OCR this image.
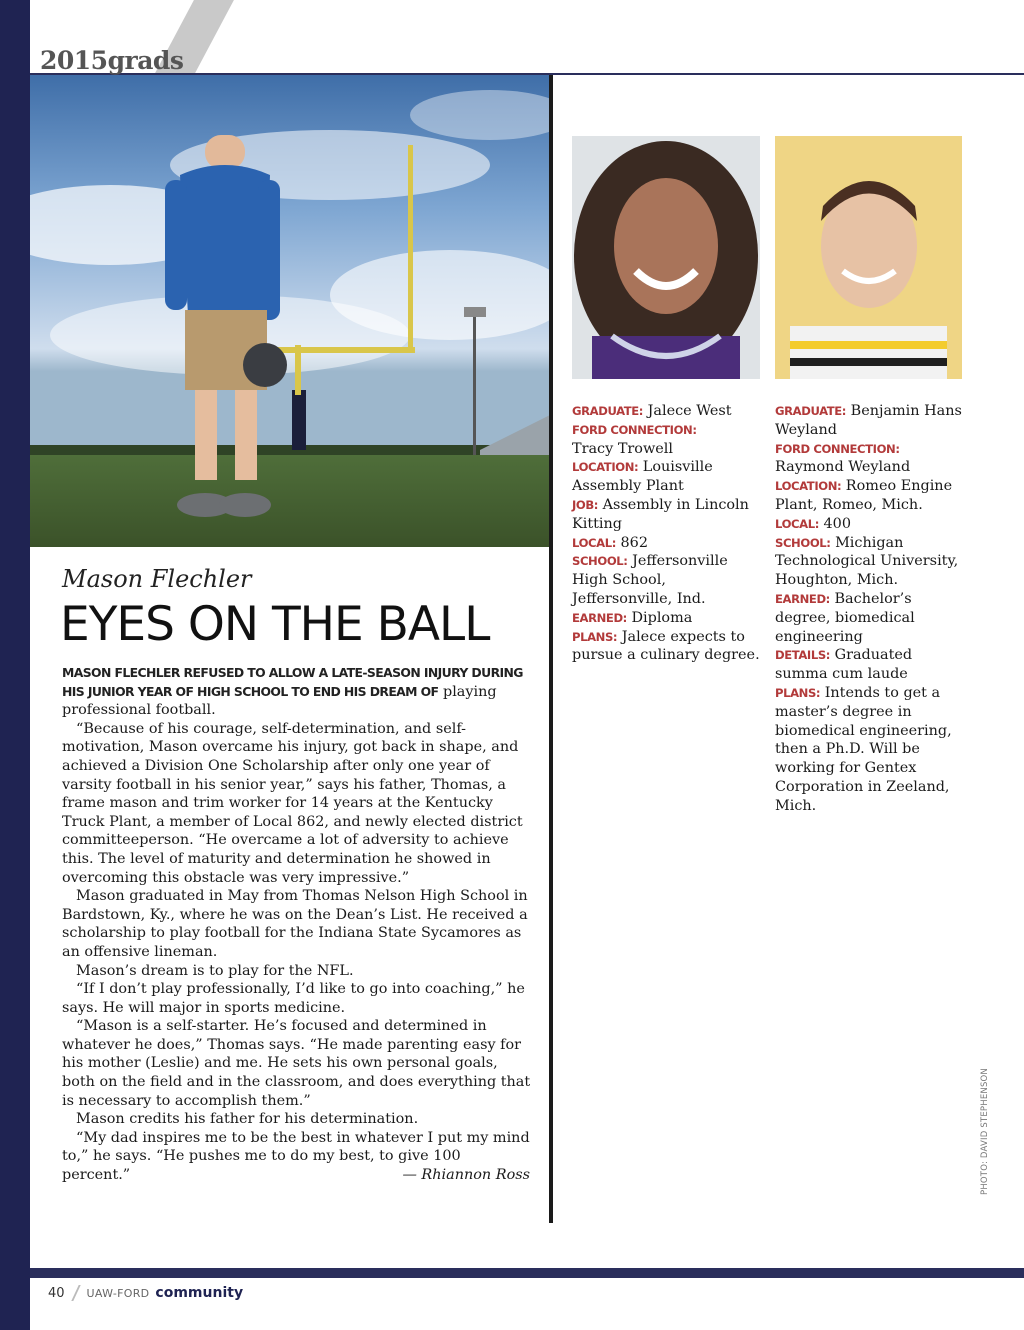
2015grads
Mason Flechler
EYES ON THE BALL

MASON FLECHLER REFUSED TO ALLOW A LATE-SEASON INJURY DURING HIS JUNIOR YEAR OF HIGH SCHOOL TO END HIS DREAM OF playing professional football.

“Because of his courage, self-determination, and self-motivation, Mason overcame his injury, got back in shape, and achieved a Division One Scholarship after only one year of varsity football in his senior year,” says his father, Thomas, a frame mason and trim worker for 14 years at the Kentucky Truck Plant, a member of Local 862, and newly elected district committeeperson. “He overcame a lot of adversity to achieve this. The level of maturity and determination he showed in overcoming this obstacle was very impressive.”

Mason graduated in May from Thomas Nelson High School in Bardstown, Ky., where he was on the Dean’s List. He received a scholarship to play football for the Indiana State Sycamores as an offensive lineman.

Mason’s dream is to play for the NFL.

“If I don’t play professionally, I’d like to go into coaching,” he says. He will major in sports medicine.

“Mason is a self-starter. He’s focused and determined in whatever he does,” Thomas says. “He made parenting easy for his mother (Leslie) and me. He sets his own personal goals, both on the field and in the classroom, and does everything that is necessary to accomplish them.”

Mason credits his father for his determination.

“My dad inspires me to be the best in whatever I put my mind to,” he says. “He pushes me to do my best, to give 100 percent.”	— Rhiannon Ross
GRADUATE: Jalece West
FORD CONNECTION:
Tracy Trowell
LOCATION: Louisville Assembly Plant
JOB: Assembly in Lincoln Kitting
LOCAL: 862
SCHOOL: Jeffersonville High School, Jeffersonville, Ind.
EARNED: Diploma
PLANS: Jalece expects to pursue a culinary degree.
GRADUATE: Benjamin Hans Weyland
FORD CONNECTION:
Raymond Weyland
LOCATION: Romeo Engine Plant, Romeo, Mich.
LOCAL: 400
SCHOOL: Michigan Technological University, Houghton, Mich.
EARNED: Bachelor’s degree, biomedical engineering
DETAILS: Graduated summa cum laude
PLANS: Intends to get a master’s degree in biomedical engineering, then a Ph.D. Will be working for Gentex Corporation in Zeeland, Mich.
PHOTO: DAVID STEPHENSON
40 UAW-FORD community
